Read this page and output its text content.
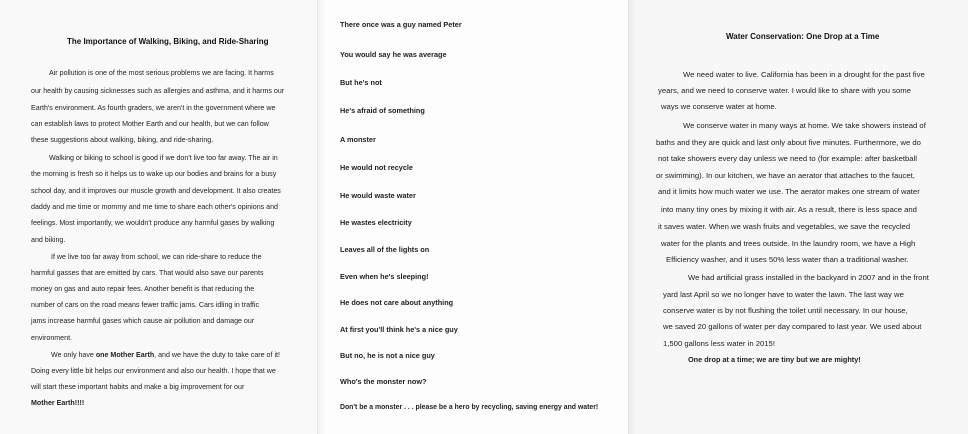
The Importance of Walking, Biking, and Ride-Sharing
Air pollution is one of the most serious problems we are facing. It harms
our health by causing sicknesses such as allergies and asthma, and it harms our
Earth's environment. As fourth graders, we aren't in the government where we
can establish laws to protect Mother Earth and our health, but we can follow
these suggestions about walking, biking, and ride-sharing.
Walking or biking to school is good if we don't live too far away. The air in
the morning is fresh so it helps us to wake up our bodies and brains for a busy
school day, and it improves our muscle growth and development. It also creates
daddy and me time or mommy and me time to share each other's opinions and
feelings. Most importantly, we wouldn't produce any harmful gases by walking
and biking.
If we live too far away from school, we can ride-share to reduce the
harmful gasses that are emitted by cars. That would also save our parents
money on gas and auto repair fees. Another benefit is that reducing the
number of cars on the road means fewer traffic jams. Cars idling in traffic
jams increase harmful gases which cause air pollution and damage our
environment.
We only have one Mother Earth, and we have the duty to take care of it!
Doing every little bit helps our environment and also our health. I hope that we
will start these important habits and make a big improvement for our
Mother Earth!!!!
There once was a guy named Peter
You would say he was average
But he's not
He's afraid of something
A monster
He would not recycle
He would waste water
He wastes electricity
Leaves all of the lights on
Even when he's sleeping!
He does not care about anything
At first you'll think he's a nice guy
But no, he is not a nice guy
Who's the monster now?
Don't be a monster . . . please be a hero by recycling, saving energy and water!
Water Conservation: One Drop at a Time
We need water to live. California has been in a drought for the past five
years, and we need to conserve water. I would like to share with you some
ways we conserve water at home.
We conserve water in many ways at home. We take showers instead of
baths and they are quick and last only about five minutes. Furthermore, we do
not take showers every day unless we need to (for example: after basketball
or swimming). In our kitchen, we have an aerator that attaches to the faucet,
and it limits how much water we use. The aerator makes one stream of water
into many tiny ones by mixing it with air. As a result, there is less space and
it saves water. When we wash fruits and vegetables, we save the recycled
water for the plants and trees outside. In the laundry room, we have a High
Efficiency washer, and it uses 50% less water than a traditional washer.
We had artificial grass installed in the backyard in 2007 and in the front
yard last April so we no longer have to water the lawn. The last way we
conserve water is by not flushing the toilet until necessary. In our house,
we saved 20 gallons of water per day compared to last year. We used about
1,500 gallons less water in 2015!
One drop at a time; we are tiny but we are mighty!
